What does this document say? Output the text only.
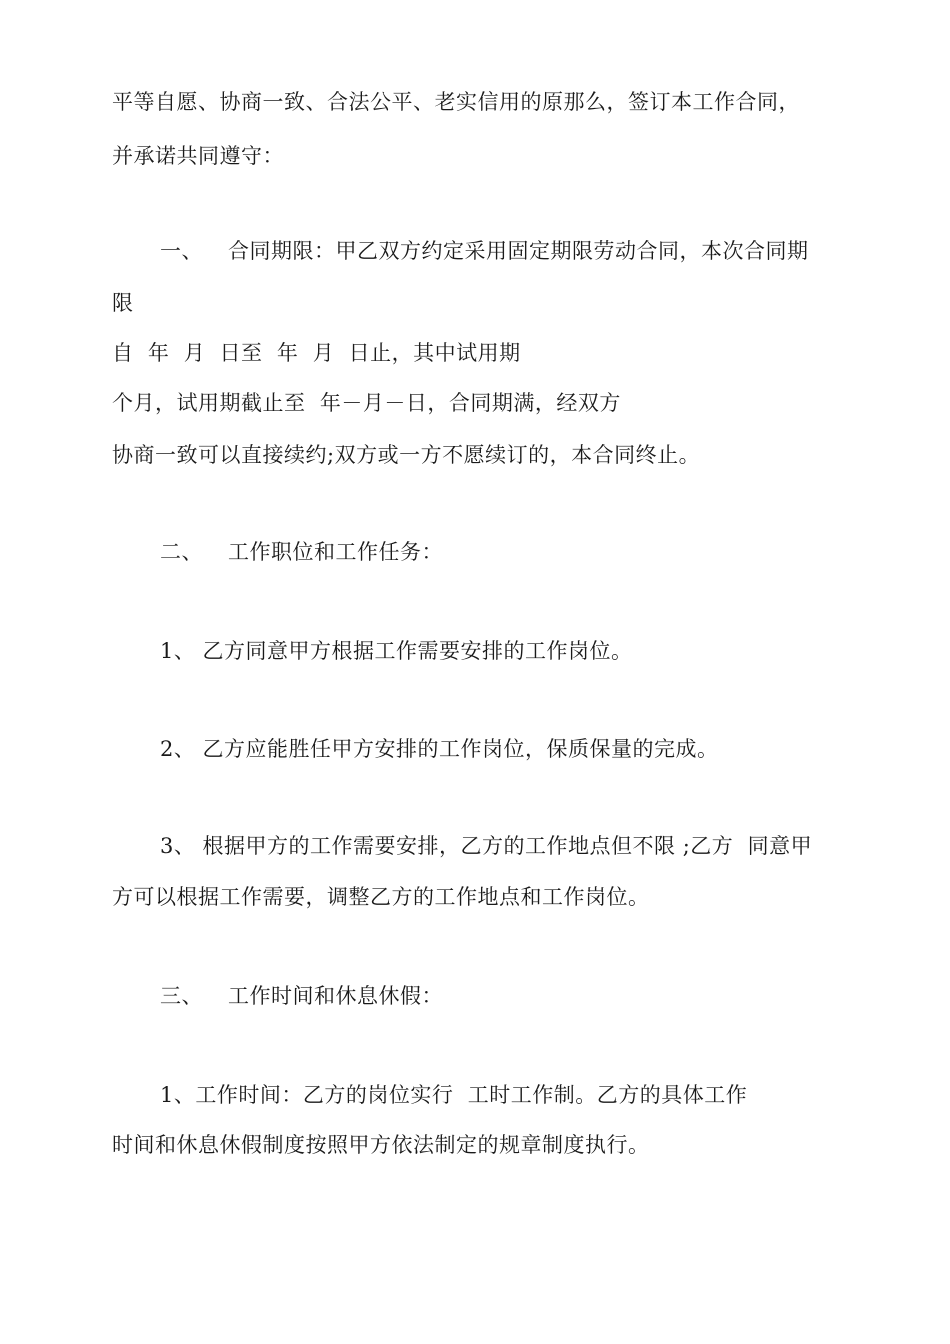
平等自愿、协商一致、合法公平、老实信用的原那么，签订本工作合同，
并承诺共同遵守：
一、 合同期限：甲乙双方约定采用固定期限劳动合同，本次合同期
限
自  年  月  日至  年  月  日止，其中试用期
个月，试用期截止至  年－月－日，合同期满，经双方
协商一致可以直接续约;双方或一方不愿续订的，本合同终止。
二、 工作职位和工作任务：
1、 乙方同意甲方根据工作需要安排的工作岗位。
2、 乙方应能胜任甲方安排的工作岗位，保质保量的完成。
3、 根据甲方的工作需要安排，乙方的工作地点但不限 ;乙方  同意甲
方可以根据工作需要，调整乙方的工作地点和工作岗位。
三、 工作时间和休息休假：
1、工作时间：乙方的岗位实行  工时工作制。乙方的具体工作
时间和休息休假制度按照甲方依法制定的规章制度执行。
